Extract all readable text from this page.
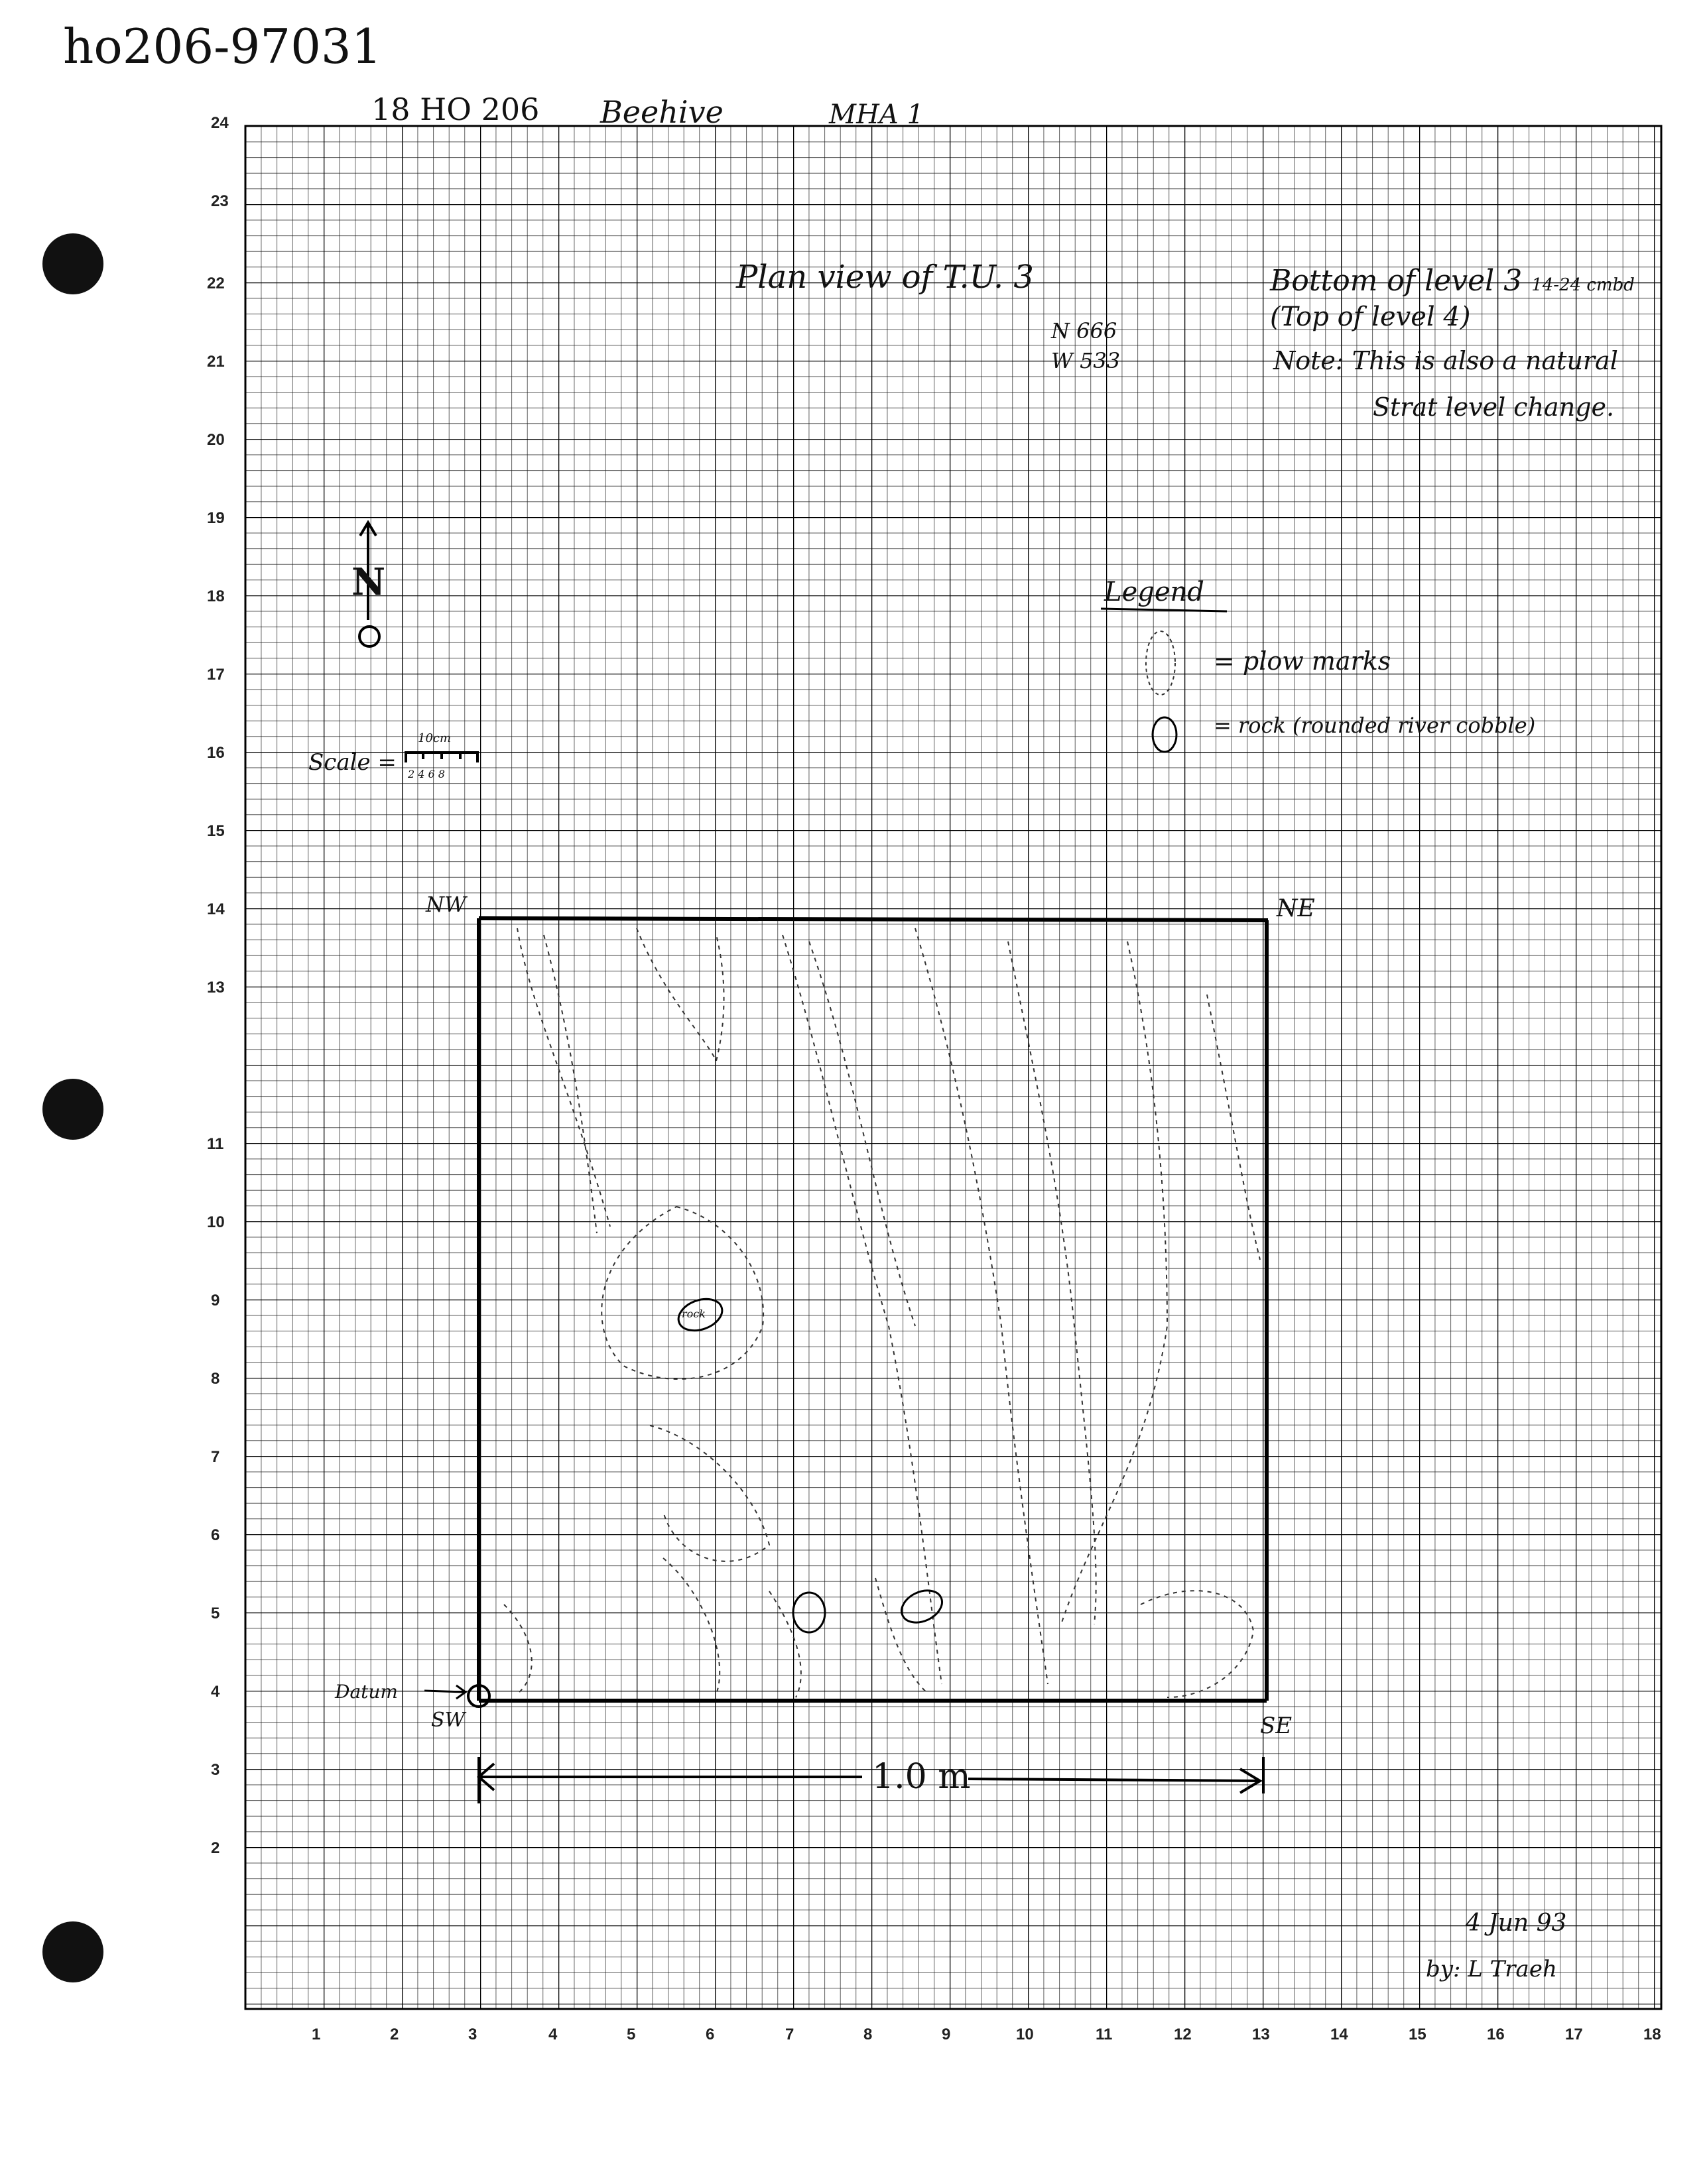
24
23
22
21
20
19
18
17
16
15
14
13
11
10
9
8
7
6
5
4
3
2
1	2	3	4	5	6	7	8	9	10	11	12	13	14	15	16	17	18
ho206-97031
18 HO 206 Beehive	MHA 1
Plan view of T.U. 3
N 666
W 533
Bottom of level 3 14-24 cmbd
(Top of level 4)
Note: This is also a natural
Strat level change.
Legend
= plow marks
= rock (rounded river cobble)
N
Scale =
10cm
2 4 6 8
NW	NE
SW	SE
Datum
1.0 m
rock
4 Jun 93
by: L Traeh
